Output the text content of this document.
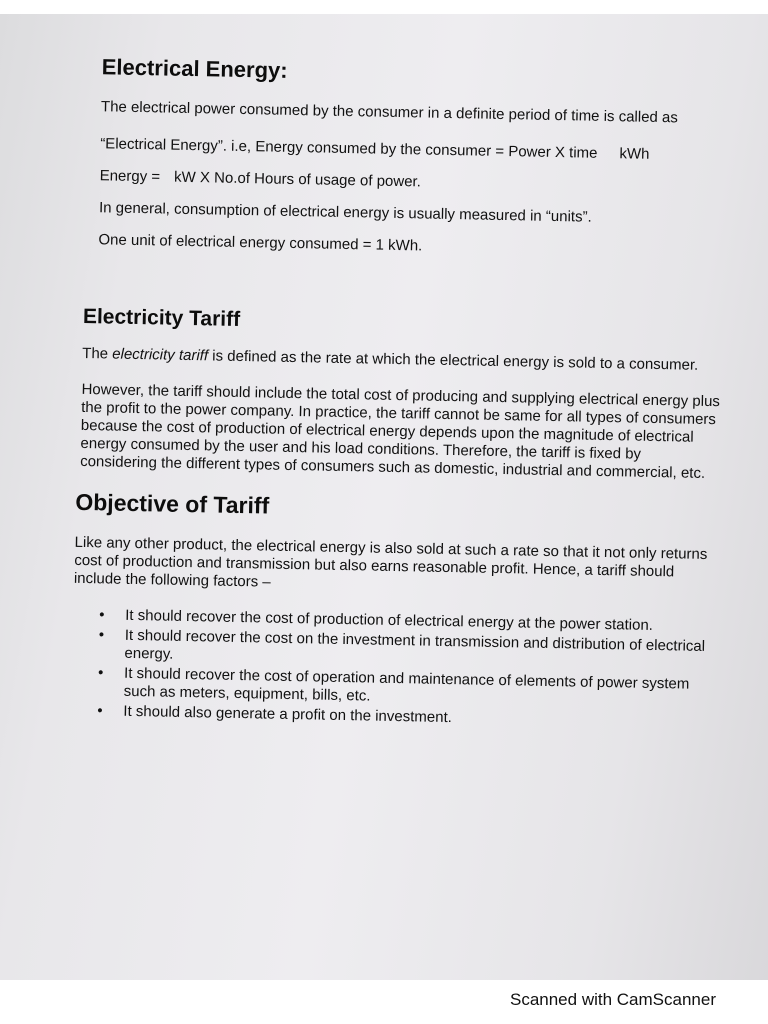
Electrical Energy:

The electrical power consumed by the consumer in a definite period of time is called as

“Electrical Energy”. i.e, Energy consumed by the consumer = Power X time kWh

Energy = kW X No.of Hours of usage of power.

In general, consumption of electrical energy is usually measured in “units”.

One unit of electrical energy consumed = 1 kWh.

Electricity Tariff

The electricity tariff is defined as the rate at which the electrical energy is sold to a consumer.

However, the tariff should include the total cost of producing and supplying electrical energy plus the profit to the power company. In practice, the tariff cannot be same for all types of consumers because the cost of production of electrical energy depends upon the magnitude of electrical energy consumed by the user and his load conditions. Therefore, the tariff is fixed by considering the different types of consumers such as domestic, industrial and commercial, etc.

Objective of Tariff

Like any other product, the electrical energy is also sold at such a rate so that it not only returns cost of production and transmission but also earns reasonable profit. Hence, a tariff should include the following factors –

• It should recover the cost of production of electrical energy at the power station.
• It should recover the cost on the investment in transmission and distribution of electrical energy.
• It should recover the cost of operation and maintenance of elements of power system such as meters, equipment, bills, etc.
• It should also generate a profit on the investment.
Scanned with CamScanner
